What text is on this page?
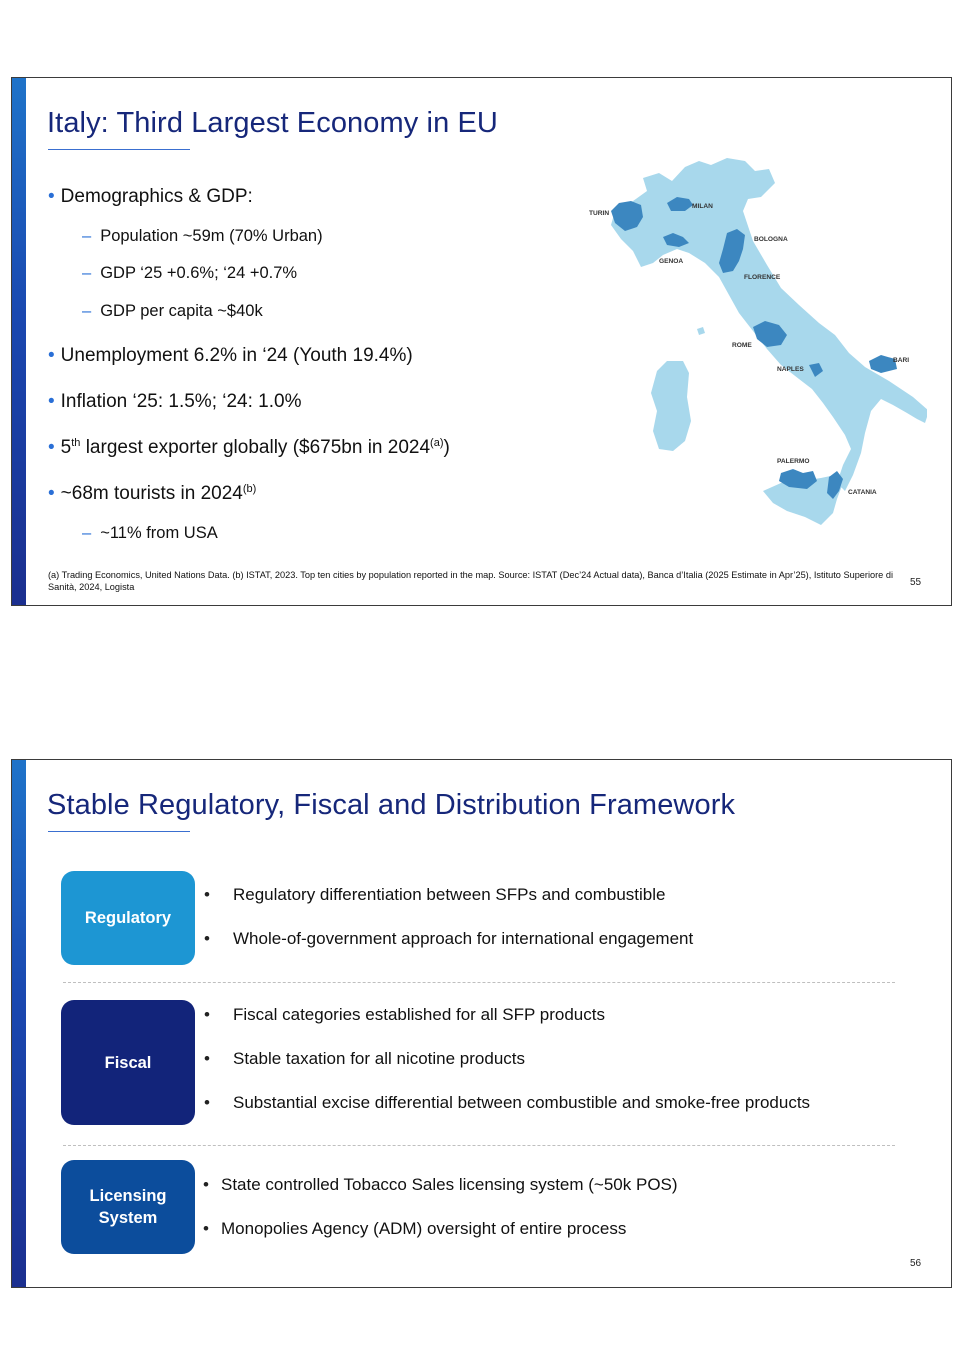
Italy: Third Largest Economy in EU
• Demographics & GDP:
– Population ~59m (70% Urban)
– GDP ‘25 +0.6%; ‘24 +0.7%
– GDP per capita ~$40k
• Unemployment 6.2% in ‘24 (Youth 19.4%)
• Inflation ‘25: 1.5%; ‘24: 1.0%
• 5th largest exporter globally ($675bn in 2024$^{(a)}$)
• ~68m tourists in 2024$^{(b)}$
– ~11% from USA
TURIN
MILAN
BOLOGNA
GENOA
FLORENCE
ROME
NAPLES
BARI
PALERMO
CATANIA
(a) Trading Economics, United Nations Data. (b) ISTAT, 2023. Top ten cities by population reported in the map. Source: ISTAT (Dec’24 Actual data), Banca d’Italia (2025 Estimate in Apr’25), Istituto Superiore di Sanità, 2024, Logista	55
Stable Regulatory, Fiscal and Distribution Framework
Regulatory
• Regulatory differentiation between SFPs and combustible
• Whole-of-government approach for international engagement
Fiscal
• Fiscal categories established for all SFP products
• Stable taxation for all nicotine products
• Substantial excise differential between combustible and smoke-free products
Licensing
System
• State controlled Tobacco Sales licensing system (~50k POS)
• Monopolies Agency (ADM) oversight of entire process
56
